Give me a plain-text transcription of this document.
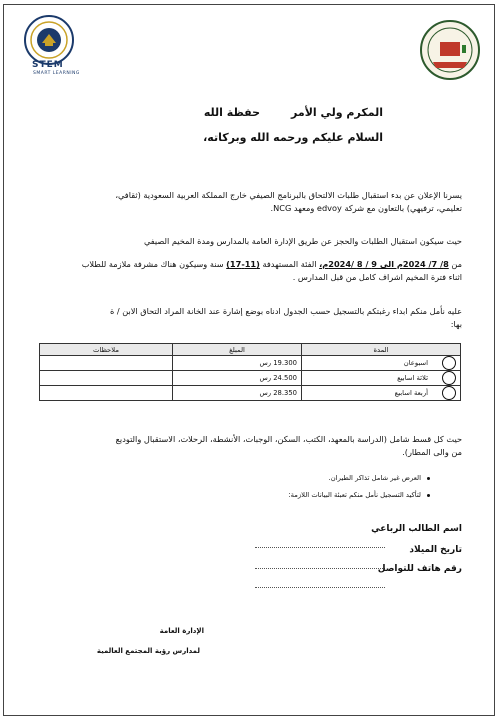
STEM
SMART LEARNING
المكرم ولي الأمر
حفظة الله
السلام عليكم ورحمه الله وبركاته،
يسرنا الإعلان عن بدء استقبال طلبات الالتحاق بالبرنامج الصيفي خارج المملكة العربية السعودية (ثقافي،
تعليمي، ترفيهي) بالتعاون مع شركة edvoy ومعهد NCG.
حيث سيكون استقبال الطلبات والحجز عن طريق الإدارة العامة بالمدارس ومدة المخيم الصيفي
من 8/ 7/ 2024م الى 9 / 8 /2024م، الفئة المستهدفة (11-17) سنة وسيكون هناك مشرفة ملازمة للطلاب
اثناء فترة المخيم اشراف كامل من قبل المدارس .
عليه نأمل منكم ابداء رغبتكم بالتسجيل حسب الجدول ادناه بوضع إشارة عند الخانة المراد التحاق الابن / ة
بها:
المدة	المبلغ	ملاحظات
اسبوعان	19.300 رس	
ثلاثة اسابيع	24.500 رس	
أربعة اسابيع	28.350 رس	
حيث كل قسط شامل (الدراسة بالمعهد، الكتب، السكن، الوجبات، الأنشطة، الرحلات، الاستقبال والتوديع
من والى المطار).
العرض غير شامل تذاكر الطيران.
لتأكيد التسجيل نأمل منكم تعبئة البيانات اللازمة:
اسم الطالب الرباعي
تاريخ الميلاد
رقم هاتف للتواصل
الإدارة العامة
لمدارس رؤية المجتمع العالمية
